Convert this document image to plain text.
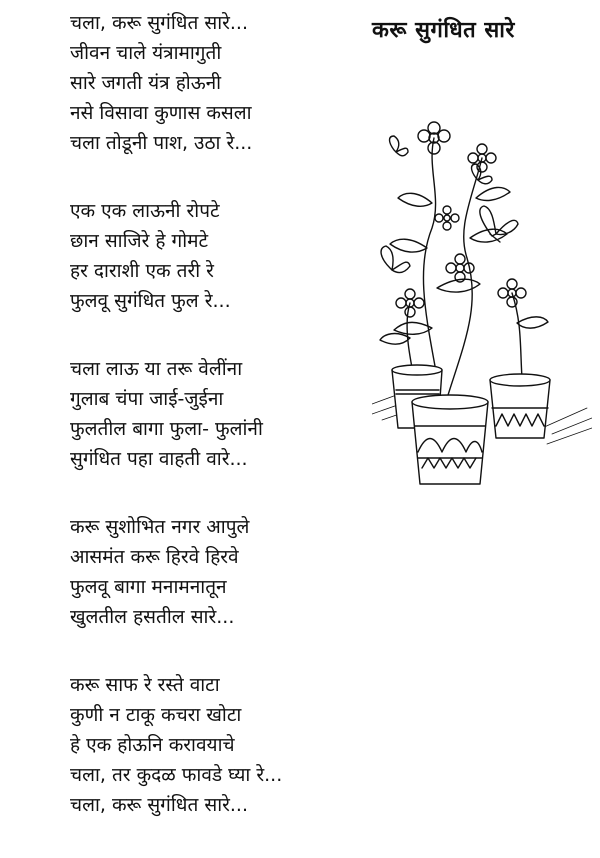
करू सुगंधित सारे
चला, करू सुगंधित सारे...
जीवन चाले यंत्रामागुती
सारे जगती यंत्र होऊनी
नसे विसावा कुणास कसला
चला तोडूनी पाश, उठा रे...
एक एक लाऊनी रोपटे
छान साजिरे हे गोमटे
हर दाराशी एक तरी रे
फुलवू सुगंधित फुल रे...
चला लाऊ या तरू वेलींना
गुलाब चंपा जाई-जुईना
फुलतील बागा फुला- फुलांनी
सुगंधित पहा वाहती वारे...
करू सुशोभित नगर आपुले
आसमंत करू हिरवे हिरवे
फुलवू बागा मनामनातून
खुलतील हसतील सारे...
करू साफ रे रस्ते वाटा
कुणी न टाकू कचरा खोटा
हे एक होऊनि करावयाचे
चला, तर कुदळ फावडे घ्या रे...
चला, करू सुगंधित सारे...
